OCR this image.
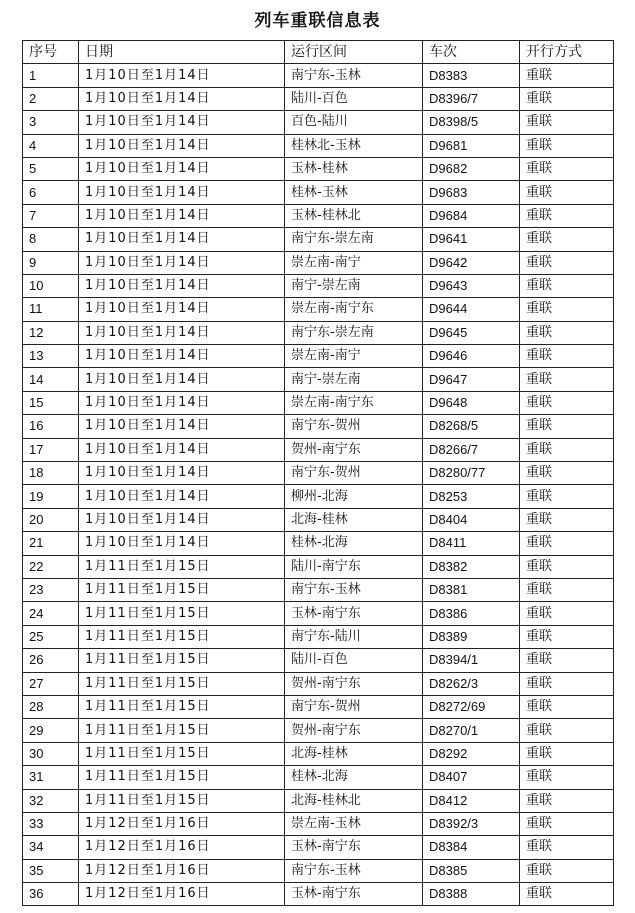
列车重联信息表
序号	日期	运行区间	车次	开行方式
1	1月10日至1月14日	南宁东-玉林	D8383	重联
2	1月10日至1月14日	陆川-百色	D8396/7	重联
3	1月10日至1月14日	百色-陆川	D8398/5	重联
4	1月10日至1月14日	桂林北-玉林	D9681	重联
5	1月10日至1月14日	玉林-桂林	D9682	重联
6	1月10日至1月14日	桂林-玉林	D9683	重联
7	1月10日至1月14日	玉林-桂林北	D9684	重联
8	1月10日至1月14日	南宁东-崇左南	D9641	重联
9	1月10日至1月14日	崇左南-南宁	D9642	重联
10	1月10日至1月14日	南宁-崇左南	D9643	重联
11	1月10日至1月14日	崇左南-南宁东	D9644	重联
12	1月10日至1月14日	南宁东-崇左南	D9645	重联
13	1月10日至1月14日	崇左南-南宁	D9646	重联
14	1月10日至1月14日	南宁-崇左南	D9647	重联
15	1月10日至1月14日	崇左南-南宁东	D9648	重联
16	1月10日至1月14日	南宁东-贺州	D8268/5	重联
17	1月10日至1月14日	贺州-南宁东	D8266/7	重联
18	1月10日至1月14日	南宁东-贺州	D8280/77	重联
19	1月10日至1月14日	柳州-北海	D8253	重联
20	1月10日至1月14日	北海-桂林	D8404	重联
21	1月10日至1月14日	桂林-北海	D8411	重联
22	1月11日至1月15日	陆川-南宁东	D8382	重联
23	1月11日至1月15日	南宁东-玉林	D8381	重联
24	1月11日至1月15日	玉林-南宁东	D8386	重联
25	1月11日至1月15日	南宁东-陆川	D8389	重联
26	1月11日至1月15日	陆川-百色	D8394/1	重联
27	1月11日至1月15日	贺州-南宁东	D8262/3	重联
28	1月11日至1月15日	南宁东-贺州	D8272/69	重联
29	1月11日至1月15日	贺州-南宁东	D8270/1	重联
30	1月11日至1月15日	北海-桂林	D8292	重联
31	1月11日至1月15日	桂林-北海	D8407	重联
32	1月11日至1月15日	北海-桂林北	D8412	重联
33	1月12日至1月16日	崇左南-玉林	D8392/3	重联
34	1月12日至1月16日	玉林-南宁东	D8384	重联
35	1月12日至1月16日	南宁东-玉林	D8385	重联
36	1月12日至1月16日	玉林-南宁东	D8388	重联
